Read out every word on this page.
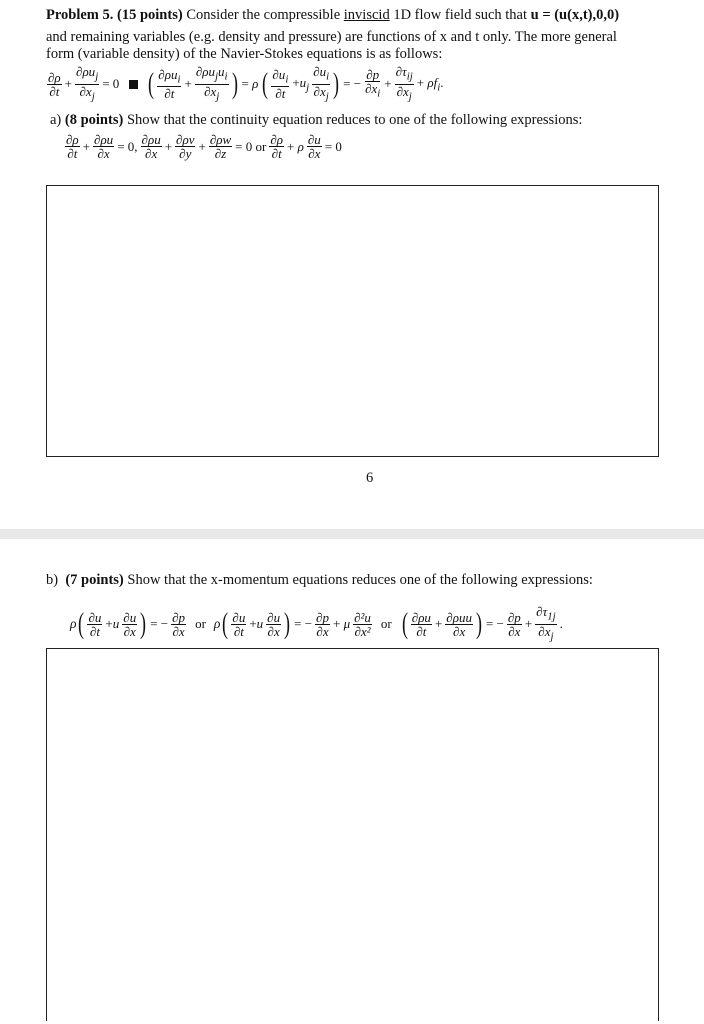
Problem 5. (15 points) Consider the compressible inviscid 1D flow field such that u = (u(x,t),0,0)
and remaining variables (e.g. density and pressure) are functions of x and t only. The more general
form (variable density) of the Navier-Stokes equations is as follows:
$\frac{\partial\rho}{\partial t} + \frac{\partial\rho u_j}{\partial x_j} = 0$ ( $\frac{\partial\rho u_i}{\partial t} + \frac{\partial\rho u_ju_i}{\partial x_j}$ ) = ρ ( $\frac{\partial u_i}{\partial t} +u_j \frac{\partial u_i}{\partial x_j}$ ) = − $\frac{\partial p}{\partial x_i} + \frac{\partial\tau_{ij}}{\partial x_j} + \rho f_i$.
a) (8 points) Show that the continuity equation reduces to one of the following expressions:
$\frac{\partial\rho}{\partial t} + \frac{\partial\rho u}{\partial x} = 0$, $\frac{\partial\rho u}{\partial x} + \frac{\partial\rho v}{\partial y} + \frac{\partial\rho w}{\partial z} = 0$ or $\frac{\partial\rho}{\partial t} + \rho \frac{\partial u}{\partial x} = 0$
6
b) (7 points) Show that the x-momentum equations reduces one of the following expressions:
ρ ( $\frac{\partial u}{\partial t} +u \frac{\partial u}{\partial x}$ ) = − $\frac{\partial p}{\partial x}$ or ρ ( $\frac{\partial u}{\partial t} +u \frac{\partial u}{\partial x}$ ) = − $\frac{\partial p}{\partial x} + \mu \frac{\text{∂²u}}{\text{∂x²}}$ or ( $\frac{\partial\rho u}{\partial t} + \frac{\text{∂ρuu}}{\partial x}$ ) = − $\frac{\partial p}{\partial x} + \frac{\partial\tau_{1j}}{\partial x_j}$ .
